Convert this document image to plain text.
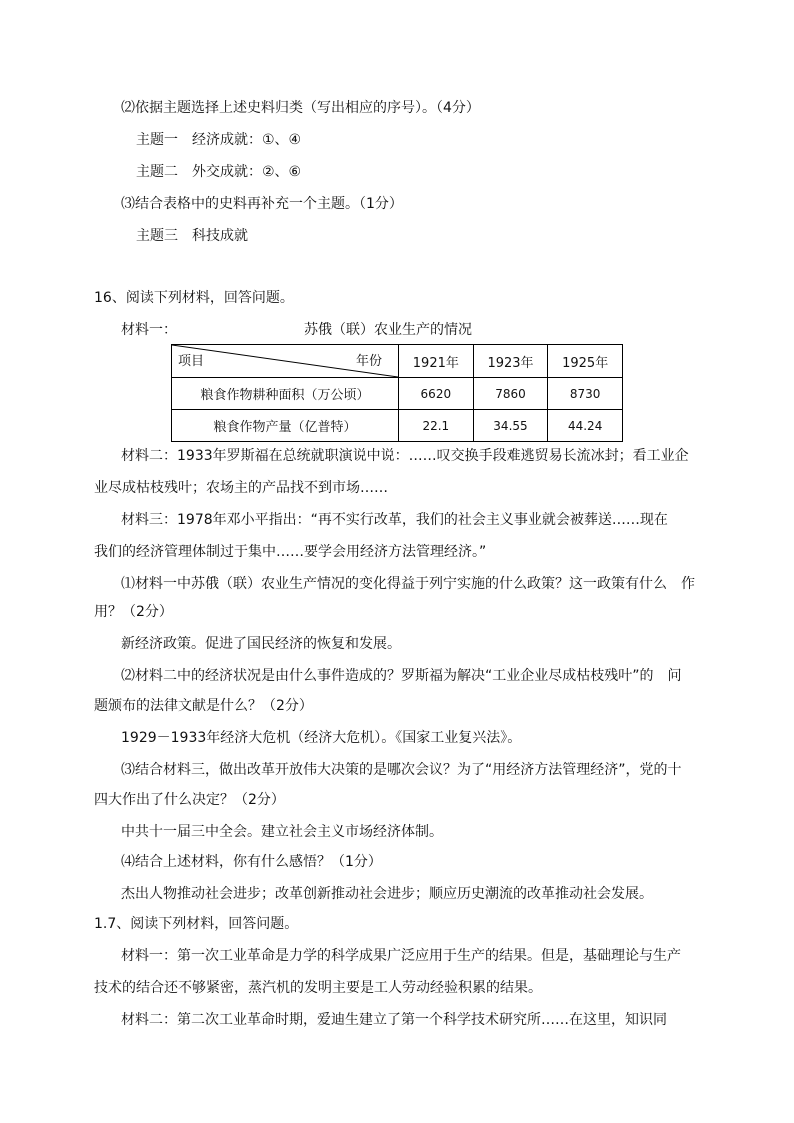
⑵依据主题选择上述史料归类（写出相应的序号）。（4分）
主题一　经济成就：①、④
主题二　外交成就：②、⑥
⑶结合表格中的史料再补充一个主题。（1分）
主题三　科技成就
16、阅读下列材料，回答问题。
材料一：	苏俄（联）农业生产的情况
项目 年份	1921年	1923年	1925年
粮食作物耕种面积（万公顷）	6620	7860	8730
粮食作物产量（亿普特）	22.1	34.55	44.24
材料二：1933年罗斯福在总统就职演说中说：……叹交换手段难逃贸易长流冰封；看工业企
业尽成枯枝残叶；农场主的产品找不到市场……
材料三：1978年邓小平指出：“再不实行改革，我们的社会主义事业就会被葬送……现在
我们的经济管理体制过于集中……要学会用经济方法管理经济。”
⑴材料一中苏俄（联）农业生产情况的变化得益于列宁实施的什么政策？这一政策有什么　作
用？（2分）
新经济政策。促进了国民经济的恢复和发展。
⑵材料二中的经济状况是由什么事件造成的？罗斯福为解决“工业企业尽成枯枝残叶”的　问
题颁布的法律文献是什么？（2分）
1929－1933年经济大危机（经济大危机）。《国家工业复兴法》。
⑶结合材料三，做出改革开放伟大决策的是哪次会议？为了“用经济方法管理经济”，党的十
四大作出了什么决定？（2分）
中共十一届三中全会。建立社会主义市场经济体制。
⑷结合上述材料，你有什么感悟？（1分）
杰出人物推动社会进步；改革创新推动社会进步；顺应历史潮流的改革推动社会发展。
1.7、阅读下列材料，回答问题。
材料一：第一次工业革命是力学的科学成果广泛应用于生产的结果。但是，基础理论与生产
技术的结合还不够紧密，蒸汽机的发明主要是工人劳动经验积累的结果。
材料二：第二次工业革命时期，爱迪生建立了第一个科学技术研究所……在这里，知识同
